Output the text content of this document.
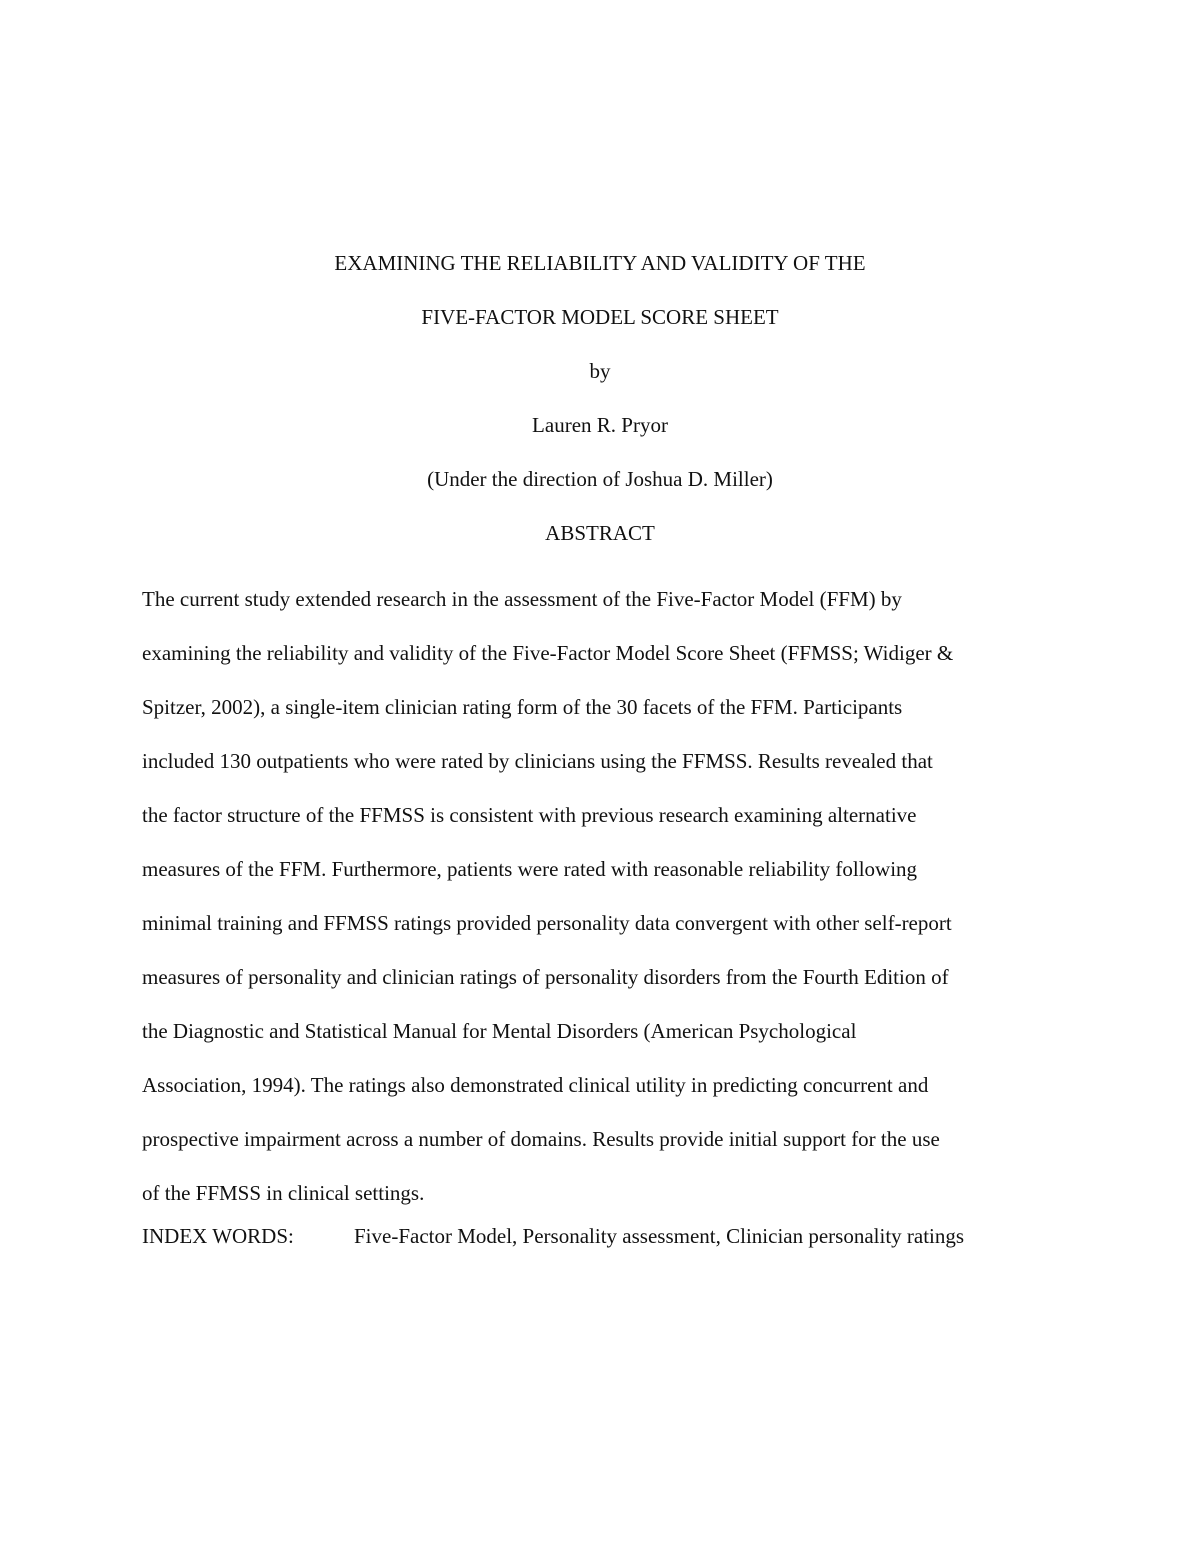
EXAMINING THE RELIABILITY AND VALIDITY OF THE
FIVE-FACTOR MODEL SCORE SHEET
by
Lauren R. Pryor
(Under the direction of Joshua D. Miller)
ABSTRACT
The current study extended research in the assessment of the Five-Factor Model (FFM) by
examining the reliability and validity of the Five-Factor Model Score Sheet (FFMSS; Widiger &
Spitzer, 2002), a single-item clinician rating form of the 30 facets of the FFM. Participants
included 130 outpatients who were rated by clinicians using the FFMSS. Results revealed that
the factor structure of the FFMSS is consistent with previous research examining alternative
measures of the FFM. Furthermore, patients were rated with reasonable reliability following
minimal training and FFMSS ratings provided personality data convergent with other self-report
measures of personality and clinician ratings of personality disorders from the Fourth Edition of
the Diagnostic and Statistical Manual for Mental Disorders (American Psychological
Association, 1994). The ratings also demonstrated clinical utility in predicting concurrent and
prospective impairment across a number of domains. Results provide initial support for the use
of the FFMSS in clinical settings.
INDEX WORDS:	Five-Factor Model, Personality assessment, Clinician personality ratings
